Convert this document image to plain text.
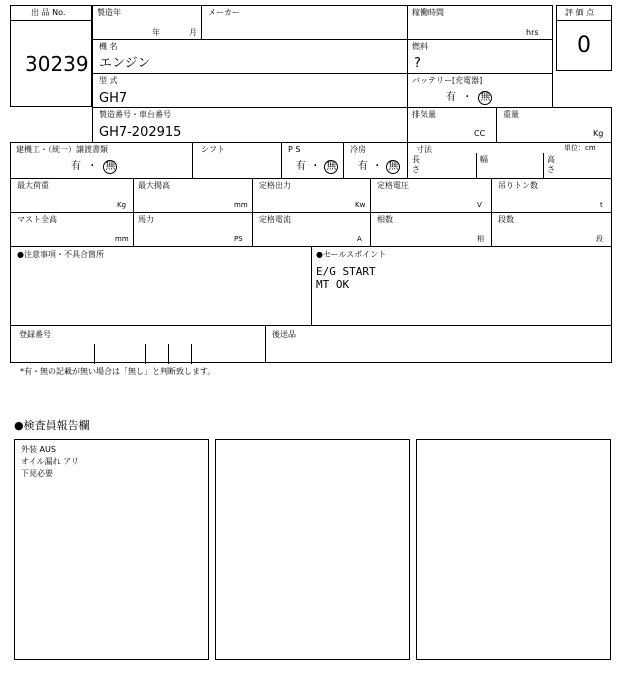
出 品 No.
30239
製造年
年	月
メーカー	稼働時間
hrs
評 価 点
0
機 名
エンジン
燃料
?
型 式
GH7
バッテリー[充電器]
有 ・ 無
製造番号・車台番号
GH7-202915
排気量
CC
重量
Kg
建機工・（統一）譲渡書類
有 ・ 無
シフト	P S
有 ・ 無
冷房
有 ・ 無
寸法	単位：cm
長
さ
幅	高
さ
最大荷重
Kg
最大揚高
mm
定格出力
Kw
定格電圧
V
吊りトン数
t
マスト全高
mm
馬力
PS
定格電流
A
相数
相
段数
段
●注意事項・不具合箇所	●セールスポイント
E/G START
MT OK
登録番号	後送品
*有・無の記載が無い場合は「無し」と判断致します。
●検査員報告欄
外装 AUS
オイル漏れ アリ
下見必要
